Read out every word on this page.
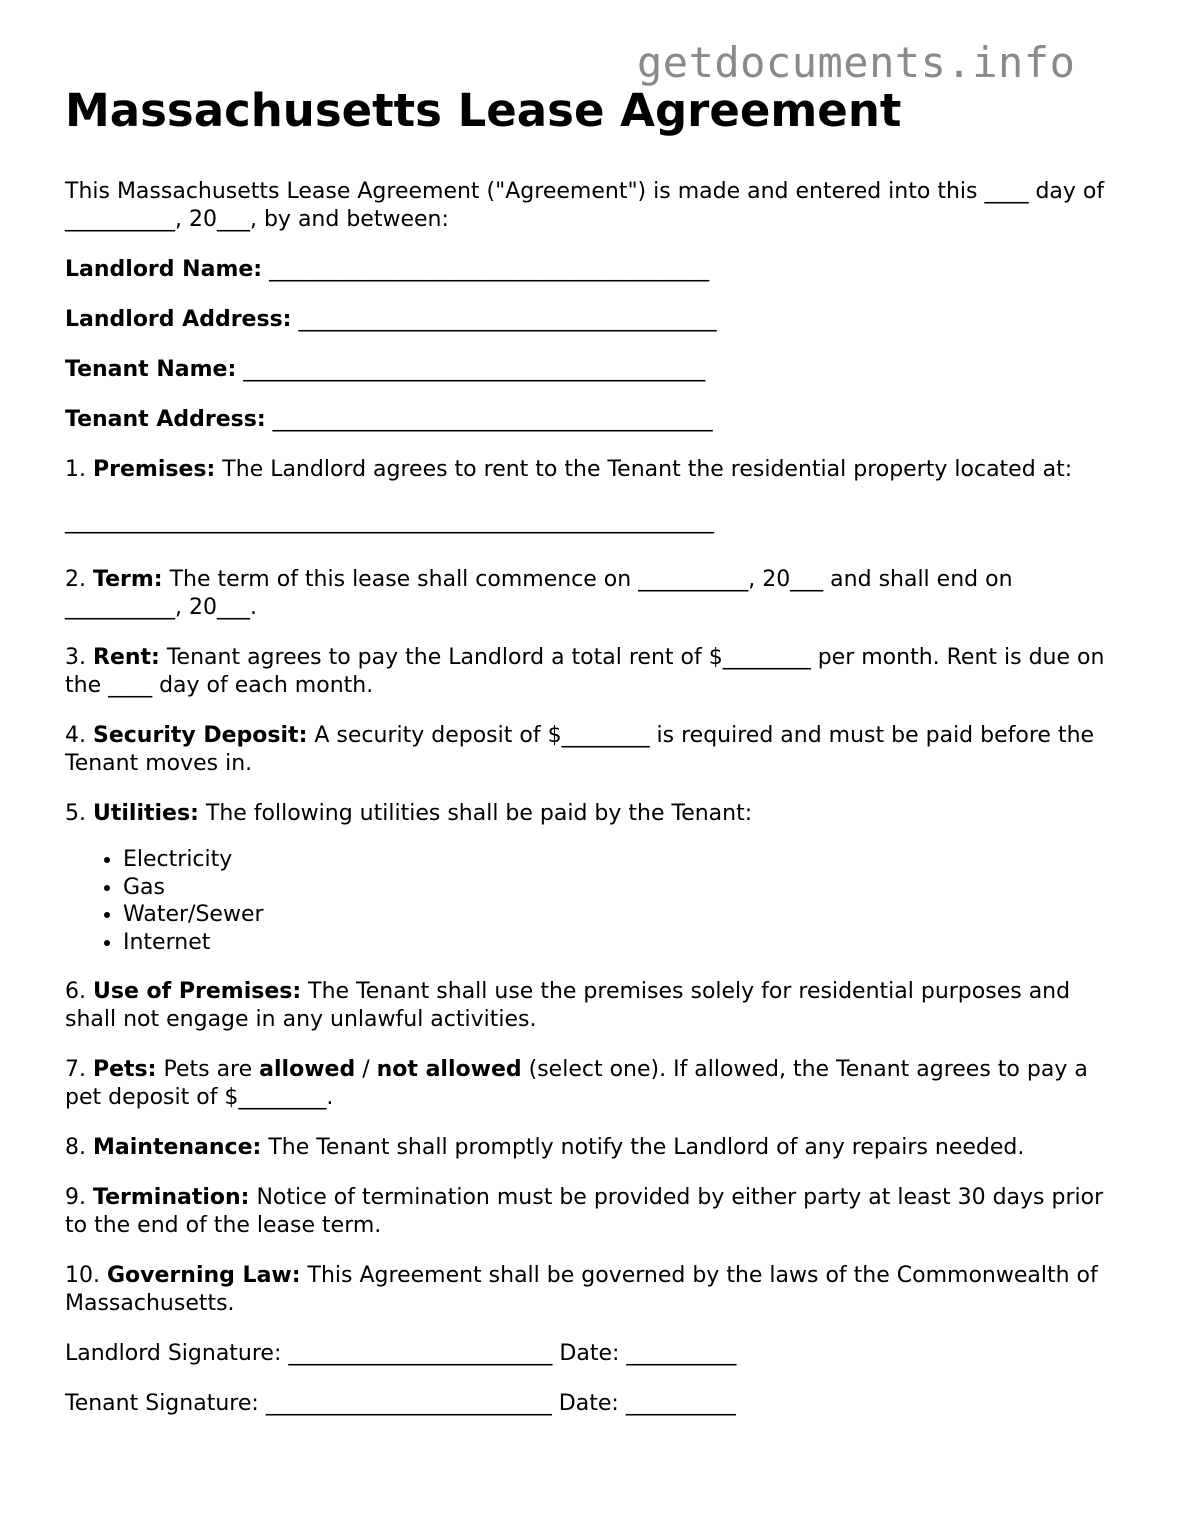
getdocuments.info
Massachusetts Lease Agreement

This Massachusetts Lease Agreement ("Agreement") is made and entered into this ____ day of __________, 20___, by and between:

Landlord Name: ________________________________________

Landlord Address: ______________________________________

Tenant Name: __________________________________________

Tenant Address: ________________________________________

1. Premises: The Landlord agrees to rent to the Tenant the residential property located at:

___________________________________________________________

2. Term: The term of this lease shall commence on __________, 20___ and shall end on __________, 20___.

3. Rent: Tenant agrees to pay the Landlord a total rent of $________ per month. Rent is due on the ____ day of each month.

4. Security Deposit: A security deposit of $________ is required and must be paid before the Tenant moves in.

5. Utilities: The following utilities shall be paid by the Tenant:

• Electricity
• Gas
• Water/Sewer
• Internet

6. Use of Premises: The Tenant shall use the premises solely for residential purposes and shall not engage in any unlawful activities.

7. Pets: Pets are allowed / not allowed (select one). If allowed, the Tenant agrees to pay a pet deposit of $________.

8. Maintenance: The Tenant shall promptly notify the Landlord of any repairs needed.

9. Termination: Notice of termination must be provided by either party at least 30 days prior to the end of the lease term.

10. Governing Law: This Agreement shall be governed by the laws of the Commonwealth of Massachusetts.

Landlord Signature: ________________________ Date: __________

Tenant Signature: __________________________ Date: __________
